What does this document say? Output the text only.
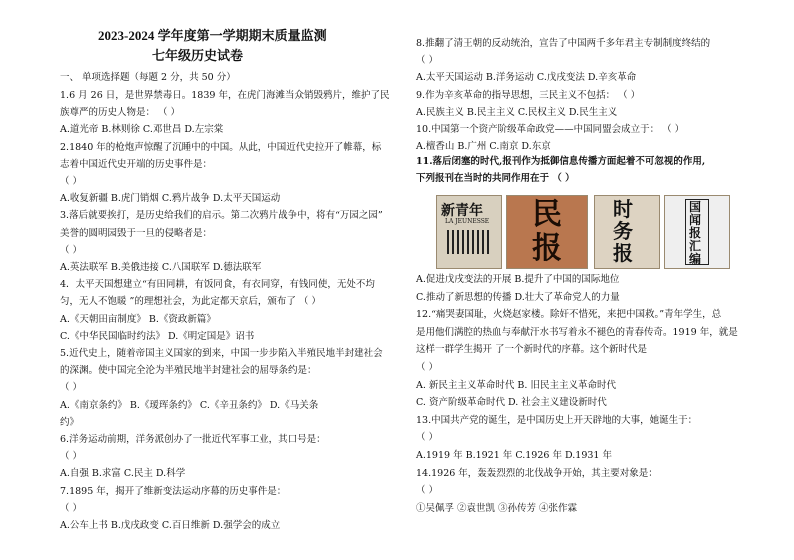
2023-2024 学年度第一学期期末质量监测
七年级历史试卷
一、 单项选择题（每题 2 分，共 50 分）
1.6 月 26 日，是世界禁毒日。1839 年，在虎门海滩当众销毁鸦片，维护了民
族尊严的历史人物是： （ ）
A.道光帝 B.林则徐 C.邓世昌 D.左宗棠
2.1840 年的枪炮声惊醒了沉睡中的中国。从此，中国近代史拉开了帷幕，标
志着中国近代史开端的历史事件是：
（ ）
A.收复新疆 B.虎门销烟 C.鸦片战争 D.太平天国运动
3.落后就要挨打，是历史给我们的启示。第二次鸦片战争中，将有“万园之园”
美誉的圆明园毁于一旦的侵略者是：
（ ）
A.英法联军 B.美俄违接 C.八国联军 D.德法联军
4．太平天国想建立“有田同耕，有饭同食，有衣同穿，有钱同使，无处不均
匀，无人不饱暖 ”的理想社会，为此定都天京后，颁布了 （ ）
A.《天朝田亩制度》 B.《资政新篇》
C.《中华民国临时约法》 D.《明定国是》诏书
5.近代史上，随着帝国主义国家的到来，中国一步步陷入半殖民地半封建社会
的深渊。使中国完全沦为半殖民地半封建社会的屈辱条约是：
（ ）
A.《南京条约》 B.《瑷珲条约》 C.《辛丑条约》 D.《马关条
约》
6.洋务运动前期，洋务派创办了一批近代军事工业，其口号是：
（ ）
A.自强 B.求富 C.民主 D.科学
7.1895 年，揭开了维新变法运动序幕的历史事件是：
（ ）
A.公车上书 B.戊戌政变 C.百日维新 D.强学会的成立
8.推翻了清王朝的反动统治，宣告了中国两千多年君主专制制度终结的
（ ）
A.太平天国运动 B.洋务运动 C.戊戌变法 D.辛亥革命
9.作为辛亥革命的指导思想，三民主义不包括： （ ）
A.民族主义 B.民主主义 C.民权主义 D.民生主义
10.中国第一个资产阶级革命政党——中国同盟会成立于： （ ）
A.檀香山 B.广州 C.南京 D.东京
11.落后闭塞的时代,报刊作为抵御信息传播方面起着不可忽视的作用,
下列报刊在当时的共同作用在于 （ ）
新青年
LA JEUNESSE	民报
时务报
国闻报汇编
A.促进戊戌变法的开展 B.提升了中国的国际地位
C.推动了新思想的传播 D.壮大了革命党人的力量
12.“痛哭妻国耻，火烧赵家楼。除奸不惜死，来把中国救。”青年学生，总
是用他们满腔的热血与奉献汗水书写着永不褪色的青春传奇。1919 年，就是
这样一群学生揭开 了一个新时代的序幕。这个新时代是
（ ）
A. 新民主主义革命时代 B. 旧民主主义革命时代
C. 资产阶级革命时代 D. 社会主义建设新时代
13.中国共产党的诞生，是中国历史上开天辟地的大事，她诞生于：
（ ）
A.1919 年 B.1921 年 C.1926 年 D.1931 年
14.1926 年，轰轰烈烈的北伐战争开始，其主要对象是：
（ ）
①吴佩孚 ②袁世凯 ③孙传芳 ④张作霖
